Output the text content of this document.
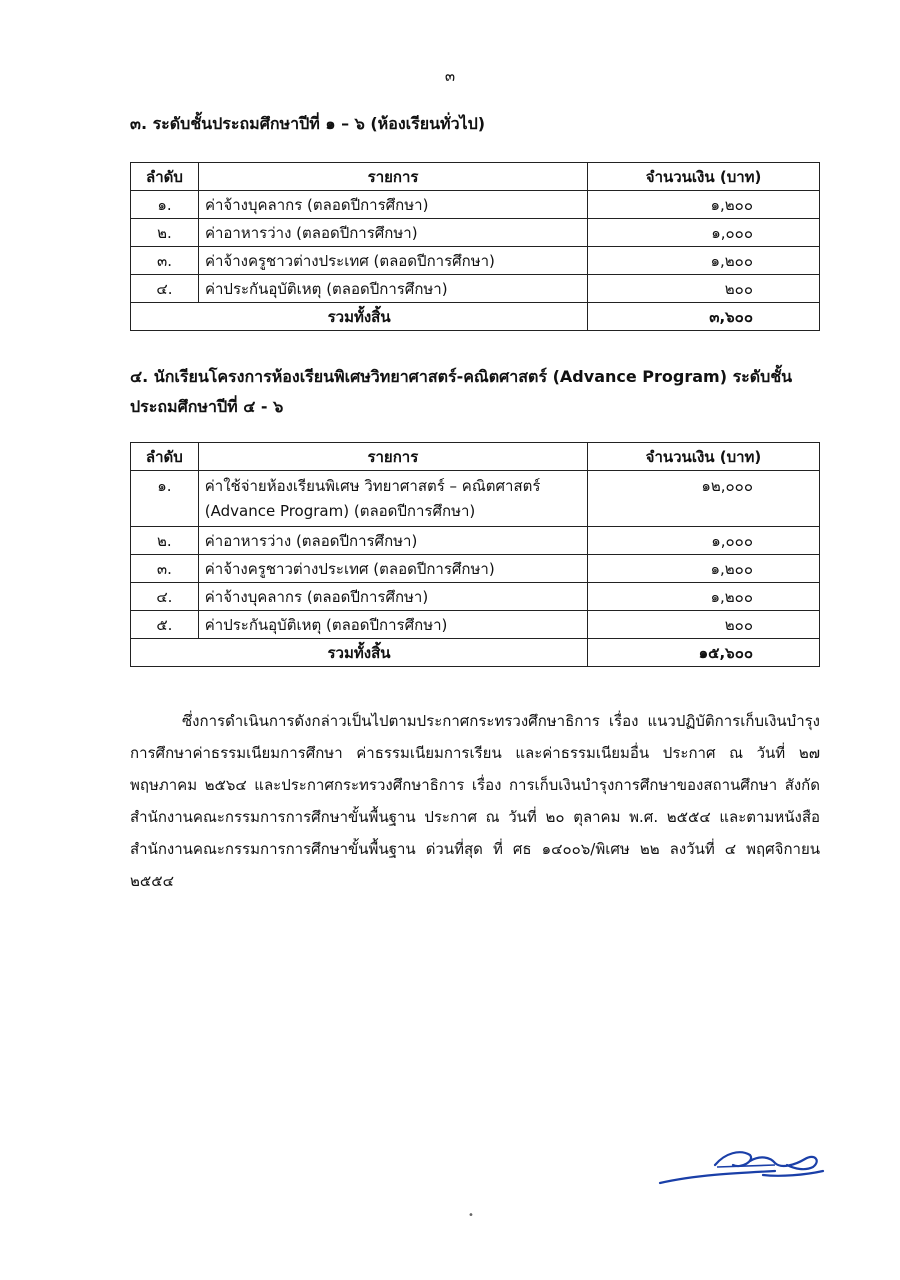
๓
๓. ระดับชั้นประถมศึกษาปีที่ ๑ – ๖ (ห้องเรียนทั่วไป)
ลำดับ	รายการ	จำนวนเงิน (บาท)
๑.	ค่าจ้างบุคลากร (ตลอดปีการศึกษา)	๑,๒๐๐
๒.	ค่าอาหารว่าง (ตลอดปีการศึกษา)	๑,๐๐๐
๓.	ค่าจ้างครูชาวต่างประเทศ (ตลอดปีการศึกษา)	๑,๒๐๐
๔.	ค่าประกันอุบัติเหตุ (ตลอดปีการศึกษา)	๒๐๐
รวมทั้งสิ้น		๓,๖๐๐
๔. นักเรียนโครงการห้องเรียนพิเศษวิทยาศาสตร์-คณิตศาสตร์ (Advance Program) ระดับชั้นประถมศึกษาปีที่ ๔ - ๖
ลำดับ	รายการ	จำนวนเงิน (บาท)
๑.	ค่าใช้จ่ายห้องเรียนพิเศษ วิทยาศาสตร์ – คณิตศาสตร์ (Advance Program) (ตลอดปีการศึกษา)	๑๒,๐๐๐
๒.	ค่าอาหารว่าง (ตลอดปีการศึกษา)	๑,๐๐๐
๓.	ค่าจ้างครูชาวต่างประเทศ (ตลอดปีการศึกษา)	๑,๒๐๐
๔.	ค่าจ้างบุคลากร (ตลอดปีการศึกษา)	๑,๒๐๐
๕.	ค่าประกันอุบัติเหตุ (ตลอดปีการศึกษา)	๒๐๐
รวมทั้งสิ้น		๑๕,๖๐๐
ซึ่งการดำเนินการดังกล่าวเป็นไปตามประกาศกระทรวงศึกษาธิการ เรื่อง แนวปฏิบัติการเก็บเงินบำรุงการศึกษาค่าธรรมเนียมการศึกษา ค่าธรรมเนียมการเรียน และค่าธรรมเนียมอื่น ประกาศ ณ วันที่ ๒๗ พฤษภาคม ๒๕๖๔ และประกาศกระทรวงศึกษาธิการ เรื่อง การเก็บเงินบำรุงการศึกษาของสถานศึกษา สังกัดสำนักงานคณะกรรมการการศึกษาขั้นพื้นฐาน ประกาศ ณ วันที่ ๒๐ ตุลาคม พ.ศ. ๒๕๕๔ และตามหนังสือสำนักงานคณะกรรมการการศึกษาขั้นพื้นฐาน ด่วนที่สุด ที่ ศธ ๑๔๐๐๖/พิเศษ ๒๒ ลงวันที่ ๔ พฤศจิกายน ๒๕๕๔
•
